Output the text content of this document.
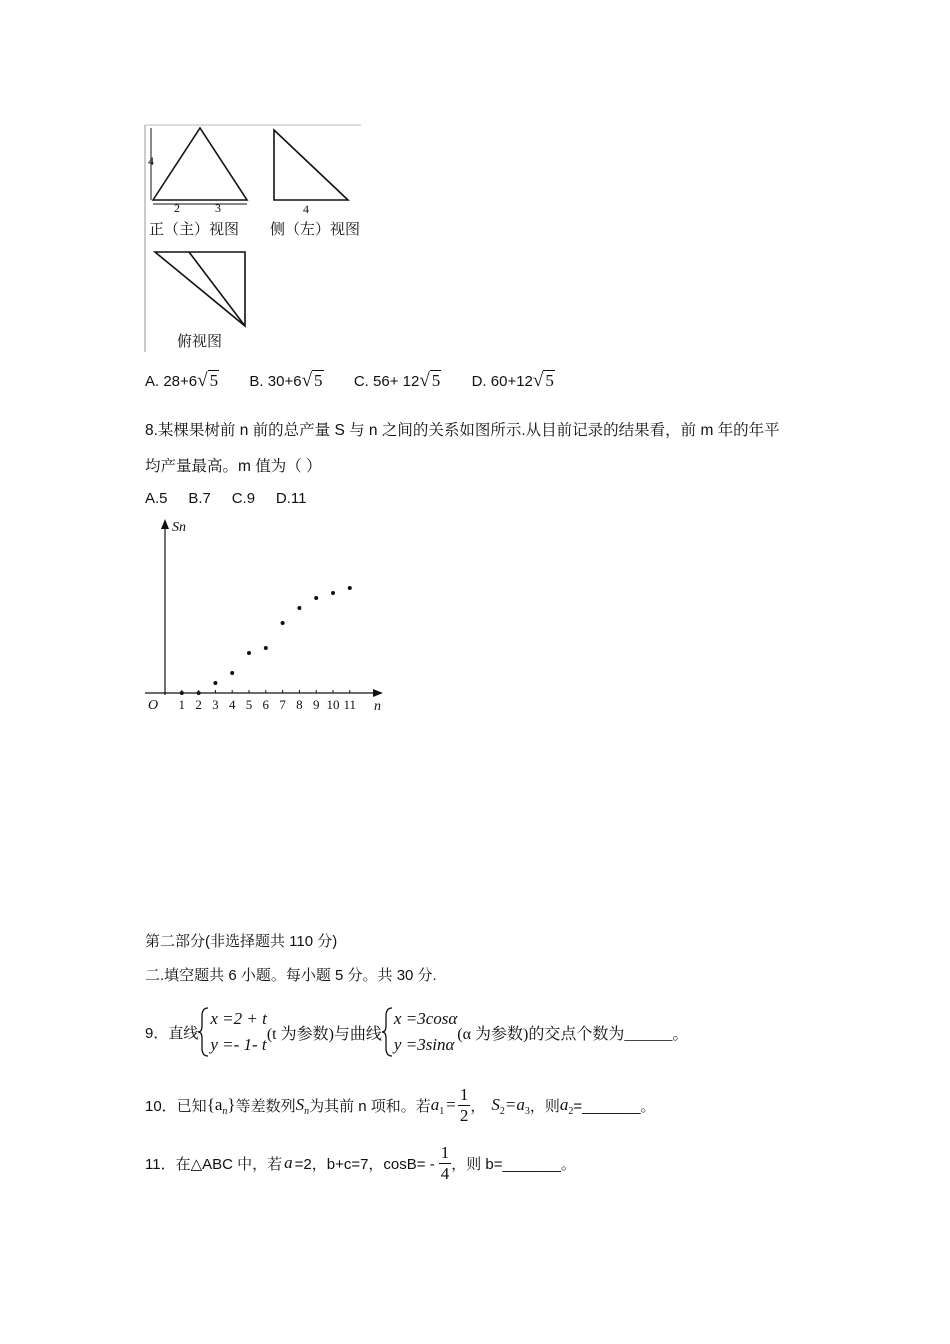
4
2	3	4
正（主）视图 侧（左）视图
俯视图
A. 28+6√ 5 B. 30+6√ 5 C. 56+ 12√ 5 D. 60+12√ 5
8.某棵果树前 n 前的总产量 S 与 n 之间的关系如图所示.从目前记录的结果看，前 m 年的年平
均产量最高。m 值为（ ）
A.5     B.7     C.9     D.11
Sn
n
O 1 2 3 4 5 6 7 8 9 10 11
第二部分(非选择题共 110 分)
二.填空题共 6 小题。每小题 5 分。共 30 分.
9．直线
x =2 + t
y =- 1- t
(t 为参数)与曲线
x =3cosα
y =3sinα
(α 为参数)的交点个数为______。
10．已知 $\{a_n\}$ 等差数列 $S_n$ 为其前 n 项和。若 $a_1 = \frac{1}{2}$ ， $S_2 =a_3$ ，则 $a_2$ =_______。
11．在△ABC 中，若 a =2，b+c=7，$\cos B= - \frac{1}{4}$ ，则 b=_______。
